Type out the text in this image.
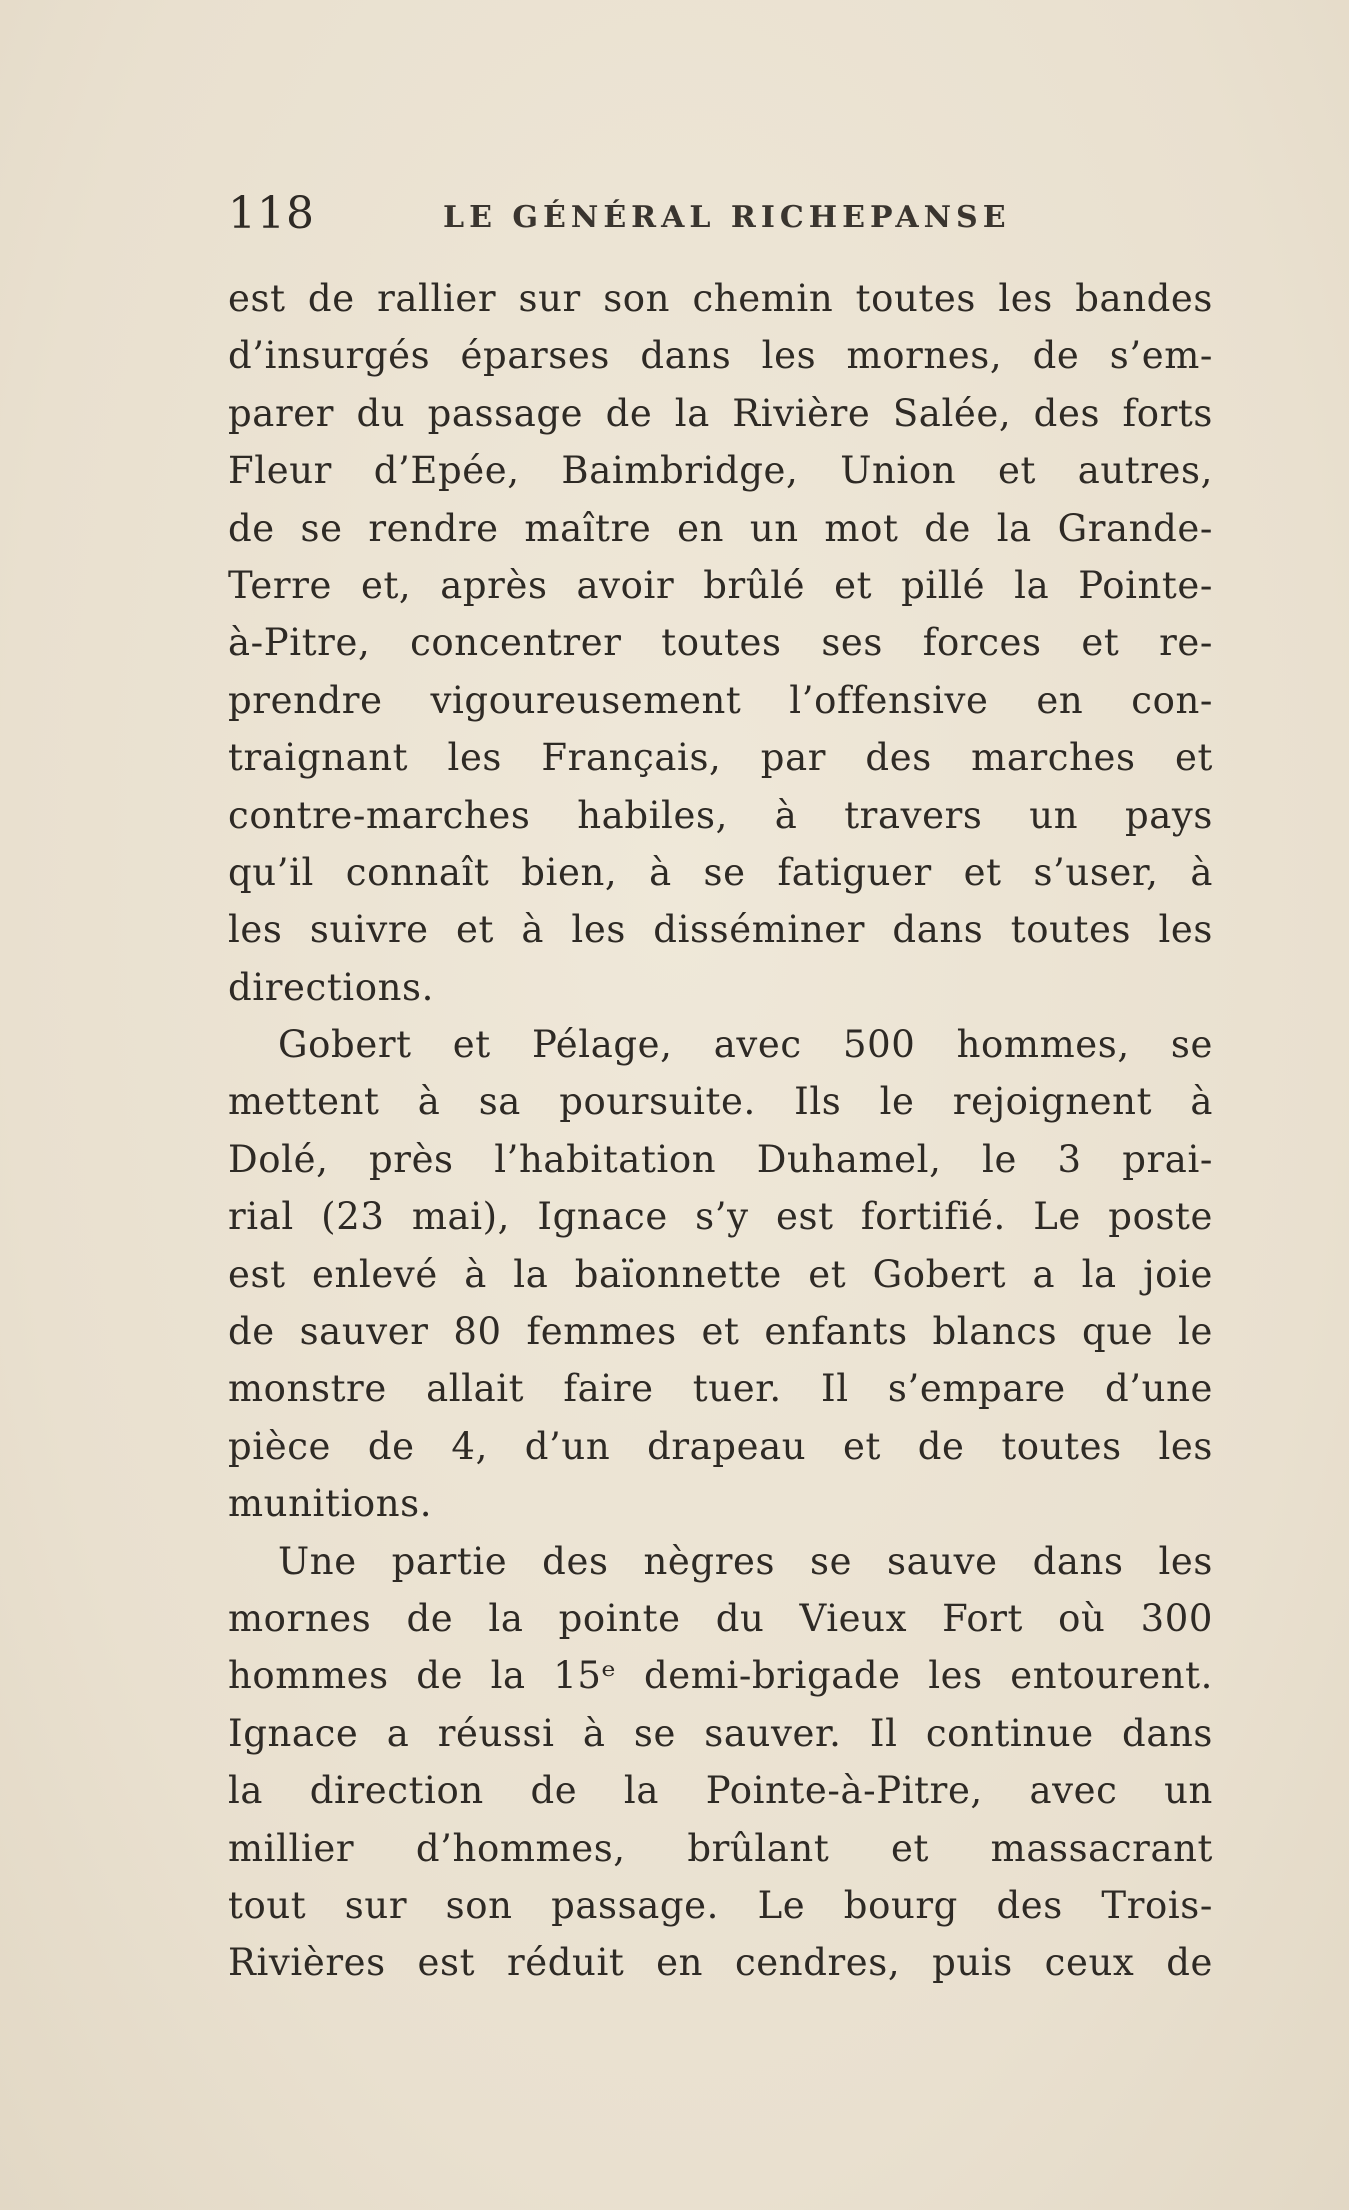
118	LE GÉNÉRAL RICHEPANSE
est de rallier sur son chemin toutes les bandes
d’insurgés éparses dans les mornes, de s’em-
parer du passage de la Rivière Salée, des forts
Fleur d’Epée, Baimbridge, Union et autres,
de se rendre maître en un mot de la Grande-
Terre et, après avoir brûlé et pillé la Pointe-
à-Pitre, concentrer toutes ses forces et re-
prendre vigoureusement l’offensive en con-
traignant les Français, par des marches et
contre-marches habiles, à travers un pays
qu’il connaît bien, à se fatiguer et s’user, à
les suivre et à les disséminer dans toutes les
directions.
Gobert et Pélage, avec 500 hommes, se
mettent à sa poursuite. Ils le rejoignent à
Dolé, près l’habitation Duhamel, le 3 prai-
rial (23 mai), Ignace s’y est fortifié. Le poste
est enlevé à la baïonnette et Gobert a la joie
de sauver 80 femmes et enfants blancs que le
monstre allait faire tuer. Il s’empare d’une
pièce de 4, d’un drapeau et de toutes les
munitions.
Une partie des nègres se sauve dans les
mornes de la pointe du Vieux Fort où 300
hommes de la 15ᵉ demi-brigade les entourent.
Ignace a réussi à se sauver. Il continue dans
la direction de la Pointe-à-Pitre, avec un
millier d’hommes, brûlant et massacrant
tout sur son passage. Le bourg des Trois-
Rivières est réduit en cendres, puis ceux de
